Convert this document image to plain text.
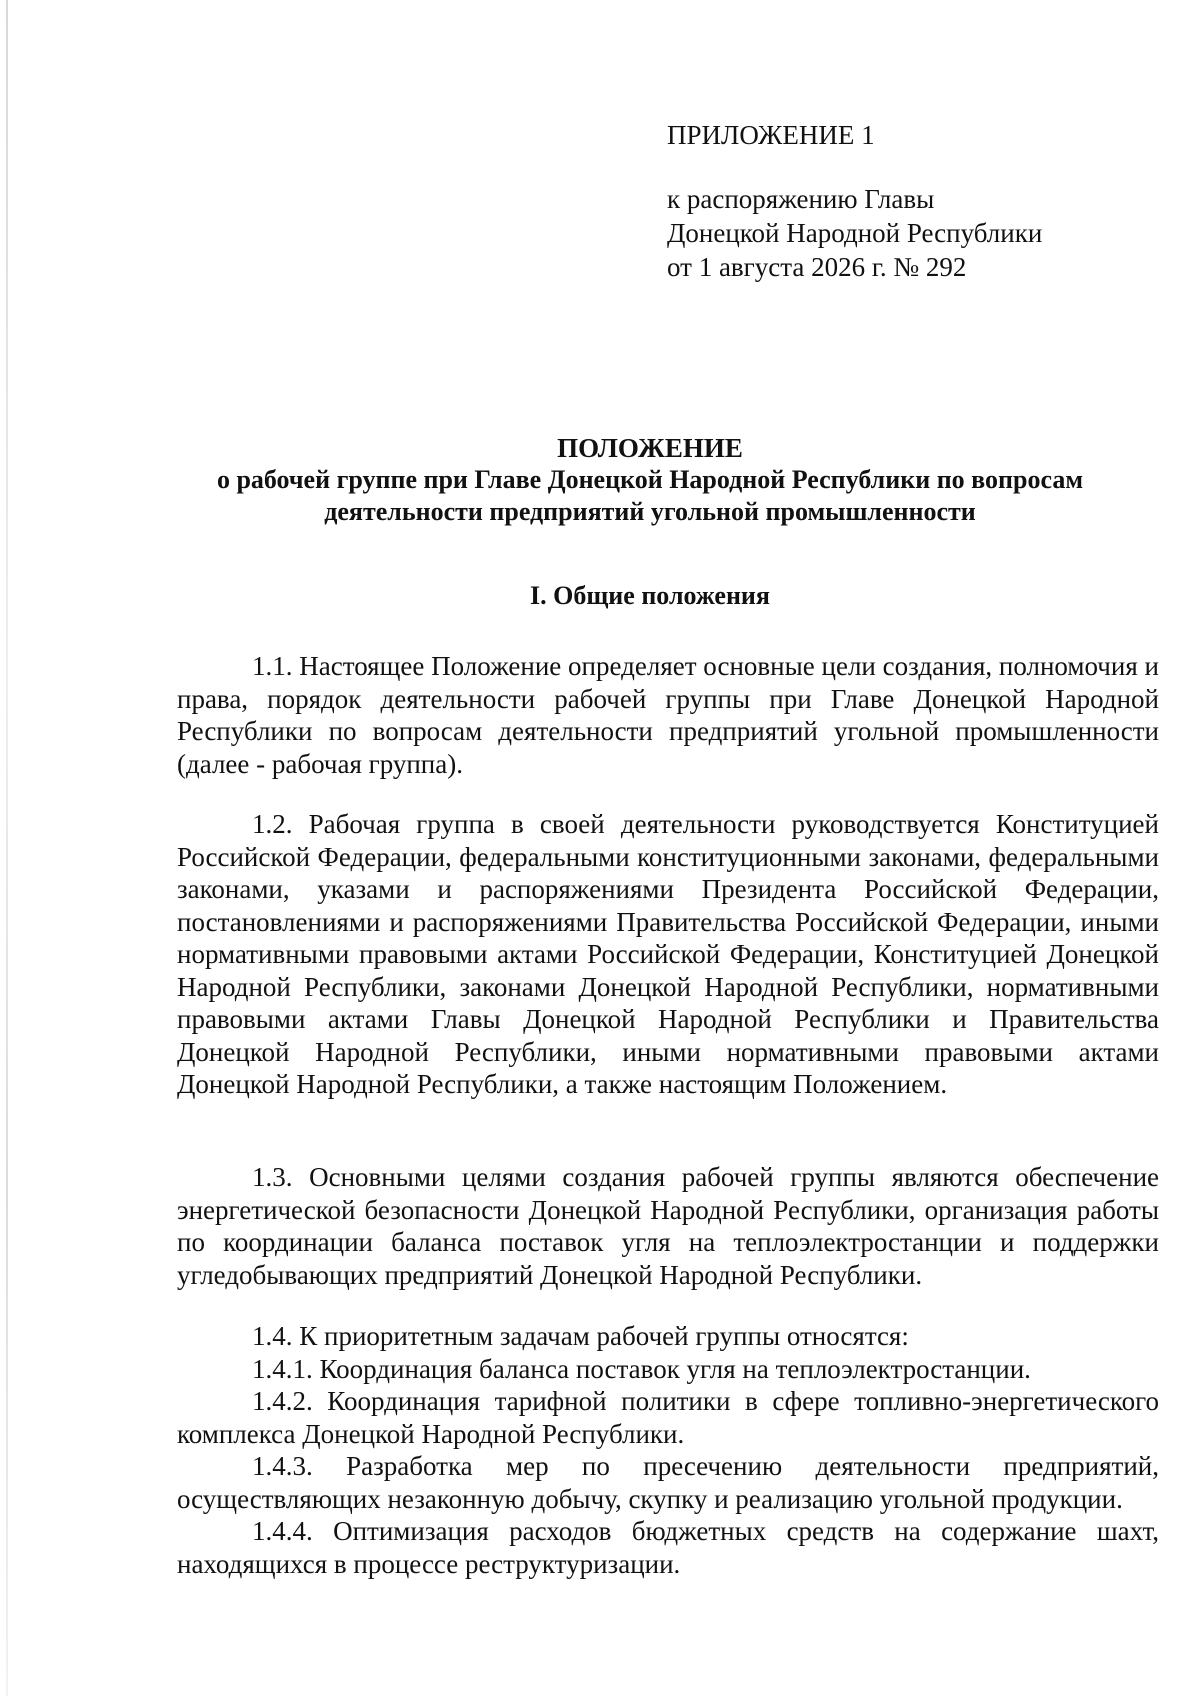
ПРИЛОЖЕНИЕ 1
к распоряжению Главы
Донецкой Народной Республики
от 1 августа 2026 г. № 292
ПОЛОЖЕНИЕ
о рабочей группе при Главе Донецкой Народной Республики по вопросам
деятельности предприятий угольной промышленности
I. Общие положения

1.1. Настоящее Положение определяет основные цели создания, полномочия и права, порядок деятельности рабочей группы при Главе Донецкой Народной Республики по вопросам деятельности предприятий угольной промышленности (далее - рабочая группа).

1.2. Рабочая группа в своей деятельности руководствуется Конституцией Российской Федерации, федеральными конституционными законами, федеральными законами, указами и распоряжениями Президента Российской Федерации, постановлениями и распоряжениями Правительства Российской Федерации, иными нормативными правовыми актами Российской Федерации, Конституцией Донецкой Народной Республики, законами Донецкой Народной Республики, нормативными правовыми актами Главы Донецкой Народной Республики и Правительства Донецкой Народной Республики, иными нормативными правовыми актами Донецкой Народной Республики, а также настоящим Положением.

1.3. Основными целями создания рабочей группы являются обеспечение энергетической безопасности Донецкой Народной Республики, организация работы по координации баланса поставок угля на теплоэлектростанции и поддержки угледобывающих предприятий Донецкой Народной Республики.

1.4. К приоритетным задачам рабочей группы относятся:

1.4.1. Координация баланса поставок угля на теплоэлектростанции.

1.4.2. Координация тарифной политики в сфере топливно-энергетического комплекса Донецкой Народной Республики.

1.4.3. Разработка мер по пресечению деятельности предприятий, осуществляющих незаконную добычу, скупку и реализацию угольной продукции.

1.4.4. Оптимизация расходов бюджетных средств на содержание шахт, находящихся в процессе реструктуризации.
